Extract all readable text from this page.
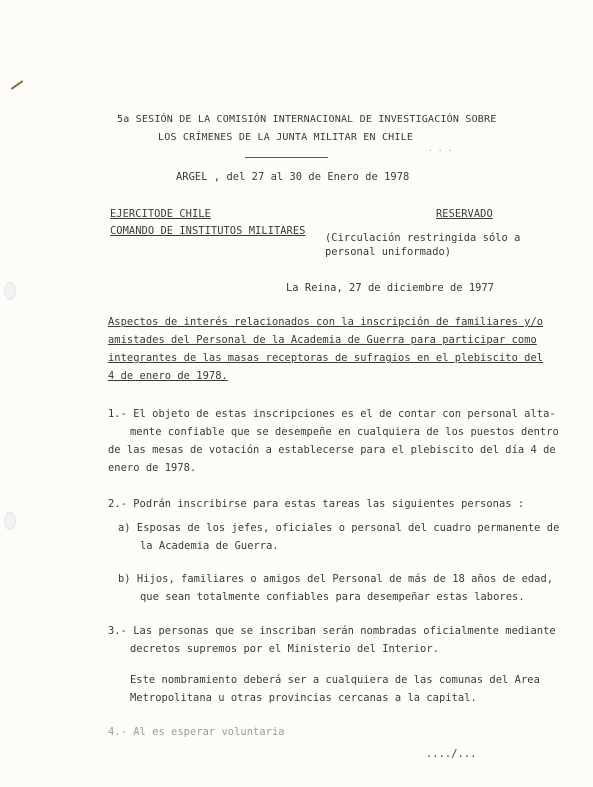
5a SESIÓN DE LA COMISIÓN INTERNACIONAL DE INVESTIGACIÓN SOBRE
LOS CRÍMENES DE LA JUNTA MILITAR EN CHILE
. . .
ARGEL , del 27 al 30 de Enero de 1978
EJERCITODE CHILE
COMANDO DE INSTITUTOS MILITARES
RESERVADO
(Circulación restringida sólo a
personal uniformado)
La Reina, 27 de diciembre de 1977
Aspectos de interés relacionados con la inscripción de familiares y/o
amistades del Personal de la Academia de Guerra para participar como
integrantes de las masas receptoras de sufragios en el plebiscito del
4 de enero de 1978.
1.- El objeto de estas inscripciones es el de contar con personal alta-
mente confiable que se desempeñe en cualquiera de los puestos dentro
de las mesas de votación a establecerse para el plebiscito del día 4 de
enero de 1978.
2.- Podrán inscribirse para estas tareas las siguientes personas :
a) Esposas de los jefes, oficiales o personal del cuadro permanente de
la Academia de Guerra.
b) Hijos, familiares o amigos del Personal de más de 18 años de edad,
que sean totalmente confiables para desempeñar estas labores.
3.- Las personas que se inscriban serán nombradas oficialmente mediante
decretos supremos por el Ministerio del Interior.
Este nombramiento deberá ser a cualquiera de las comunas del Area
Metropolitana u otras provincias cercanas a la capital.
4.- Al es esperar voluntaria
..../...
